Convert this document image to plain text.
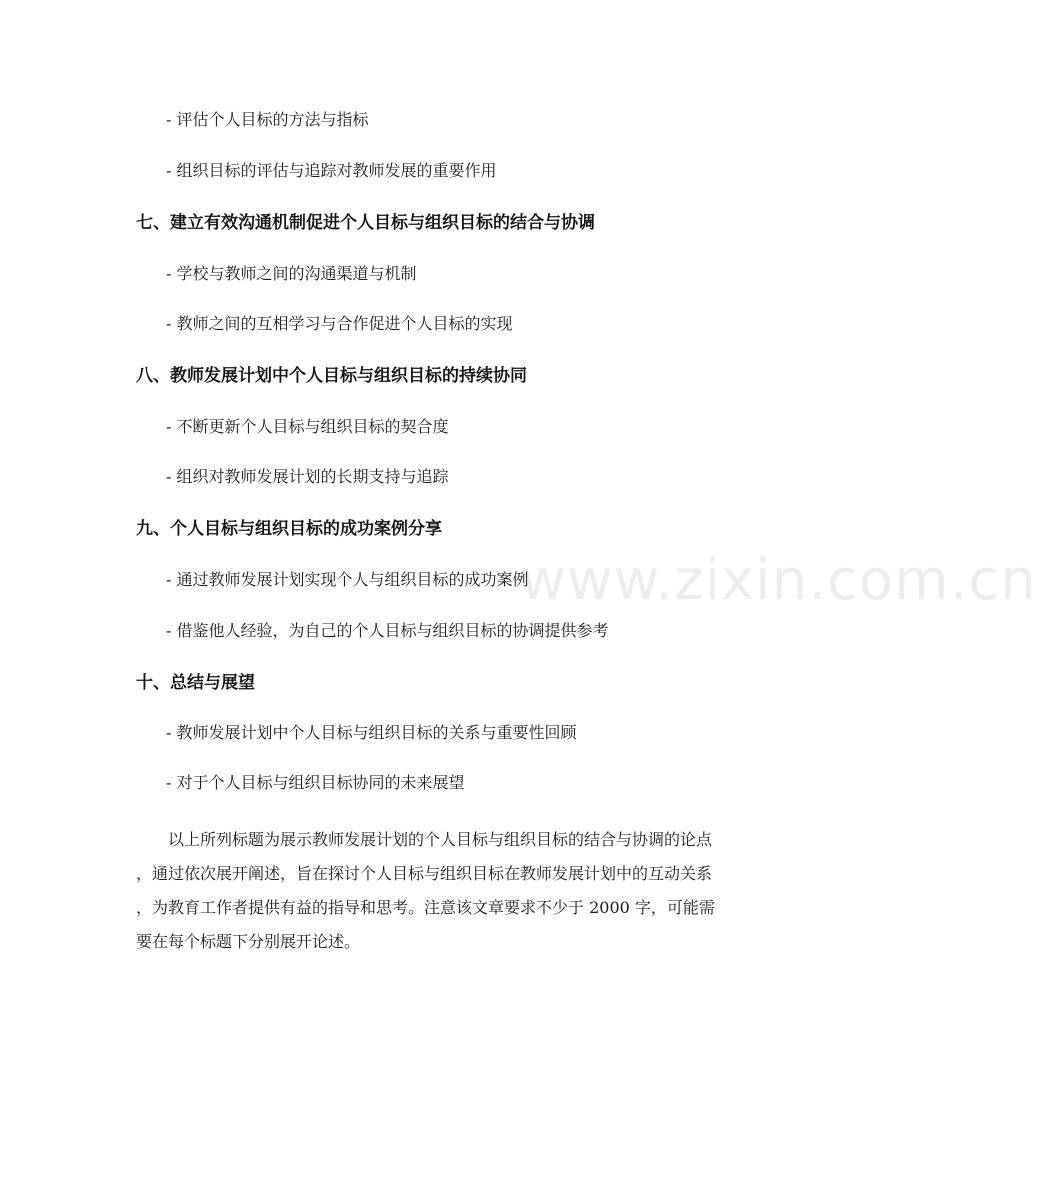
www.zixin.com.cn
- 评估个人目标的方法与指标
- 组织目标的评估与追踪对教师发展的重要作用
七、建立有效沟通机制促进个人目标与组织目标的结合与协调
- 学校与教师之间的沟通渠道与机制
- 教师之间的互相学习与合作促进个人目标的实现
八、教师发展计划中个人目标与组织目标的持续协同
- 不断更新个人目标与组织目标的契合度
- 组织对教师发展计划的长期支持与追踪
九、个人目标与组织目标的成功案例分享
- 通过教师发展计划实现个人与组织目标的成功案例
- 借鉴他人经验，为自己的个人目标与组织目标的协调提供参考
十、总结与展望
- 教师发展计划中个人目标与组织目标的关系与重要性回顾
- 对于个人目标与组织目标协同的未来展望
以上所列标题为展示教师发展计划的个人目标与组织目标的结合与协调的论点
，通过依次展开阐述，旨在探讨个人目标与组织目标在教师发展计划中的互动关系
，为教育工作者提供有益的指导和思考。注意该文章要求不少于 2000 字，可能需
要在每个标题下分别展开论述。
